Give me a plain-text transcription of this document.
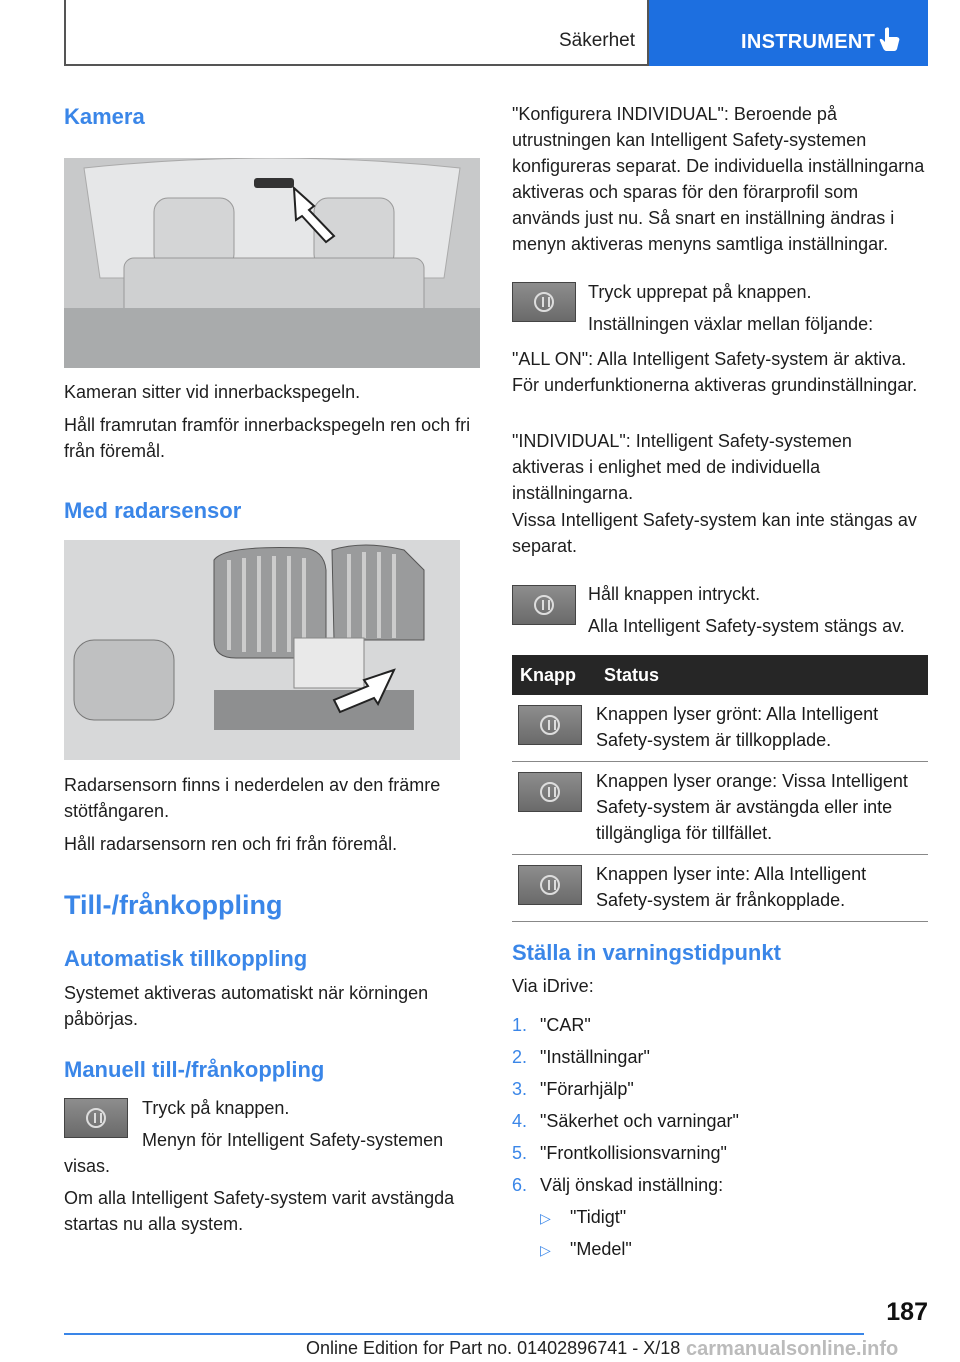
Säkerhet	INSTRUMENT
Kamera
Kameran sitter vid innerbackspegeln.
Håll framrutan framför innerbackspegeln ren och fri från föremål.
Med radarsensor
Radarsensorn finns i nederdelen av den främre stötfångaren.
Håll radarsensorn ren och fri från föremål.
Till-/frånkoppling
Automatisk tillkoppling
Systemet aktiveras automatiskt när körningen påbörjas.
Manuell till-/frånkoppling
Tryck på knappen.
Menyn för Intelligent Safety-systemen
visas.
Om alla Intelligent Safety-system varit avstängda startas nu alla system.
"Konfigurera INDIVIDUAL": Beroende på utrustningen kan Intelligent Safety-systemen konfigureras separat. De individuella inställningarna aktiveras och sparas för den förarprofil som används just nu. Så snart en inställning ändras i menyn aktiveras menyns samtliga inställningar.
Tryck upprepat på knappen.
Inställningen växlar mellan följande:
"ALL ON": Alla Intelligent Safety-system är aktiva. För underfunktionerna aktiveras grundinställningar.
"INDIVIDUAL": Intelligent Safety-systemen aktiveras i enlighet med de individuella inställningarna.
Vissa Intelligent Safety-system kan inte stängas av separat.
Håll knappen intryckt.
Alla Intelligent Safety-system stängs av.
Knapp	Status

	Knappen lyser grönt: Alla Intelligent Safety-system är tillkopplade.

	Knappen lyser orange: Vissa Intelligent Safety-system är avstängda eller inte tillgängliga för tillfället.

	Knappen lyser inte: Alla Intelligent Safety-system är frånkopplade.
Ställa in varningstidpunkt
Via iDrive:
1. "CAR"
2. "Inställningar"
3. "Förarhjälp"
4. "Säkerhet och varningar"
5. "Frontkollisionsvarning"
6. Välj önskad inställning:
▷ "Tidigt"
▷ "Medel"
187
Online Edition for Part no. 01402896741 - X/18 carmanualsonline.info
